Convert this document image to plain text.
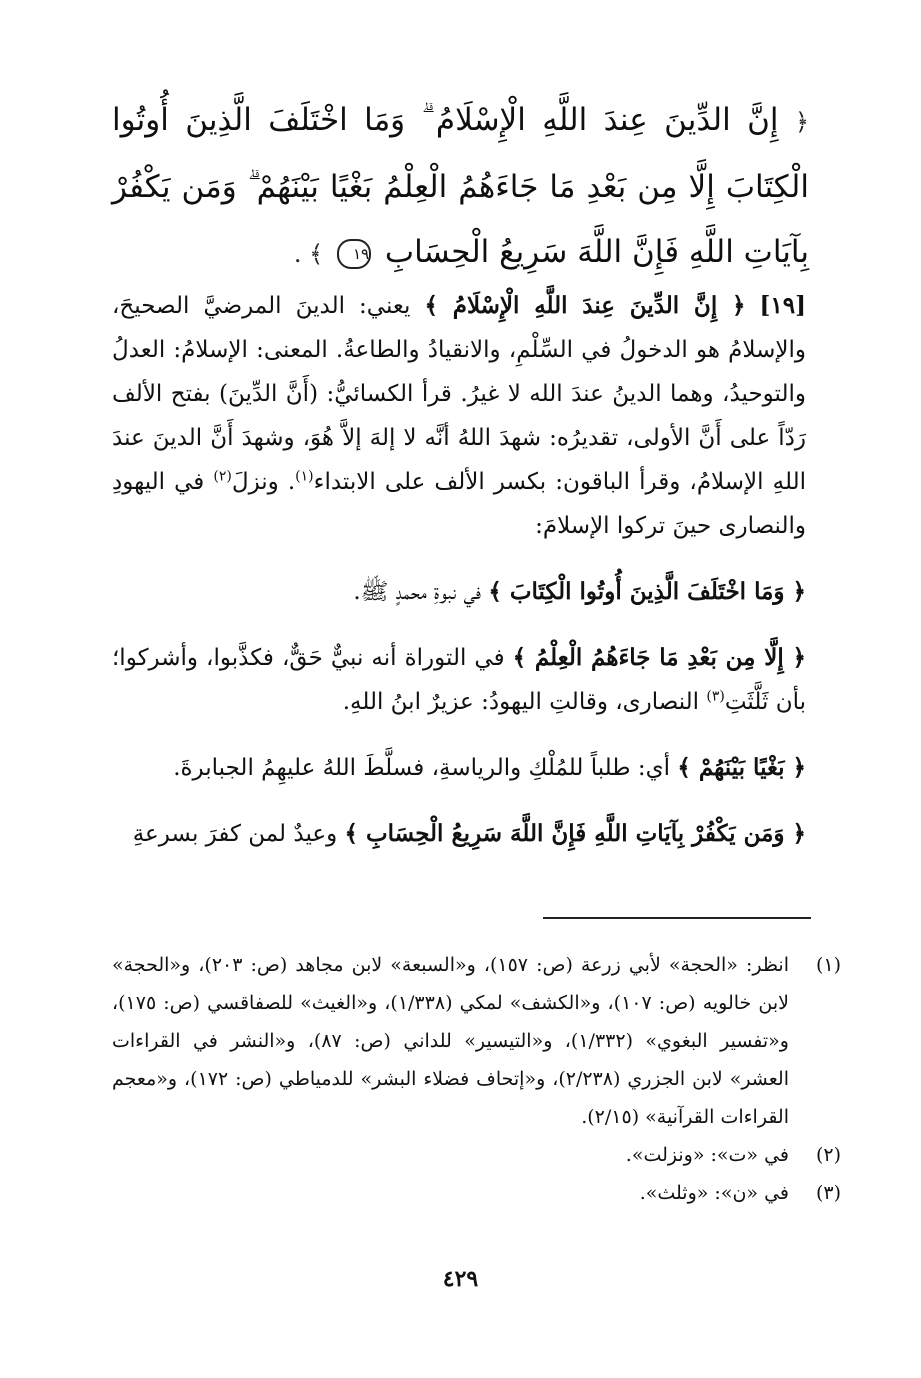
﴿ إِنَّ الدِّينَ عِندَ اللَّهِ الْإِسْلَامُ ۗ وَمَا اخْتَلَفَ الَّذِينَ أُوتُوا الْكِتَابَ إِلَّا مِن بَعْدِ مَا جَاءَهُمُ الْعِلْمُ بَغْيًا بَيْنَهُمْ ۗ وَمَن يَكْفُرْ بِآيَاتِ اللَّهِ فَإِنَّ اللَّهَ سَرِيعُ الْحِسَابِ ١٩ ﴾ .

[١٩] ﴿ إِنَّ الدِّينَ عِندَ اللَّهِ الْإِسْلَامُ ﴾ يعني: الدينَ المرضيَّ الصحيحَ، والإسلامُ هو الدخولُ في السِّلْمِ، والانقيادُ والطاعةُ. المعنى: الإسلامُ: العدلُ والتوحيدُ، وهما الدينُ عندَ الله لا غيرُ. قرأ الكسائيُّ: (أَنَّ الدِّينَ) بفتح الألف رَدّاً على أَنَّ الأولى، تقديرُه: شهدَ اللهُ أنَّه لا إلهَ إلاَّ هُوَ، وشهدَ أَنَّ الدينَ عندَ اللهِ الإسلامُ، وقرأ الباقون: بكسر الألف على الابتداء$^{(١)}$. ونزلَ$^{(٢)}$ في اليهودِ والنصارى حينَ تركوا الإسلامَ:

﴿ وَمَا اخْتَلَفَ الَّذِينَ أُوتُوا الْكِتَابَ ﴾ في نبوةِ محمدٍ ﷺ.

﴿ إِلَّا مِن بَعْدِ مَا جَاءَهُمُ الْعِلْمُ ﴾ في التوراة أنه نبيٌّ حَقٌّ، فكذَّبوا، وأشركوا؛ بأن ثَلَّثَتِ$^{(٣)}$ النصارى، وقالتِ اليهودُ: عزيرٌ ابنُ اللهِ.

﴿ بَغْيًا بَيْنَهُمْ ﴾ أي: طلباً للمُلْكِ والرياسةِ، فسلَّطَ اللهُ عليهِمُ الجبابرةَ.

﴿ وَمَن يَكْفُرْ بِآيَاتِ اللَّهِ فَإِنَّ اللَّهَ سَرِيعُ الْحِسَابِ ﴾ وعيدٌ لمن كفرَ بسرعةِ

(١)
انظر: «الحجة» لأبي زرعة (ص: ١٥٧)، و«السبعة» لابن مجاهد (ص: ٢٠٣)، و«الحجة» لابن خالويه (ص: ١٠٧)، و«الكشف» لمكي (١/٣٣٨)، و«الغيث» للصفاقسي (ص: ١٧٥)، و«تفسير البغوي» (١/٣٣٢)، و«التيسير» للداني (ص: ٨٧)، و«النشر في القراءات العشر» لابن الجزري (٢/٢٣٨)، و«إتحاف فضلاء البشر» للدمياطي (ص: ١٧٢)، و«معجم القراءات القرآنية» (٢/١٥).

(٢)
في «ت»: «ونزلت».

(٣)
في «ن»: «وثلث».

٤٢٩
